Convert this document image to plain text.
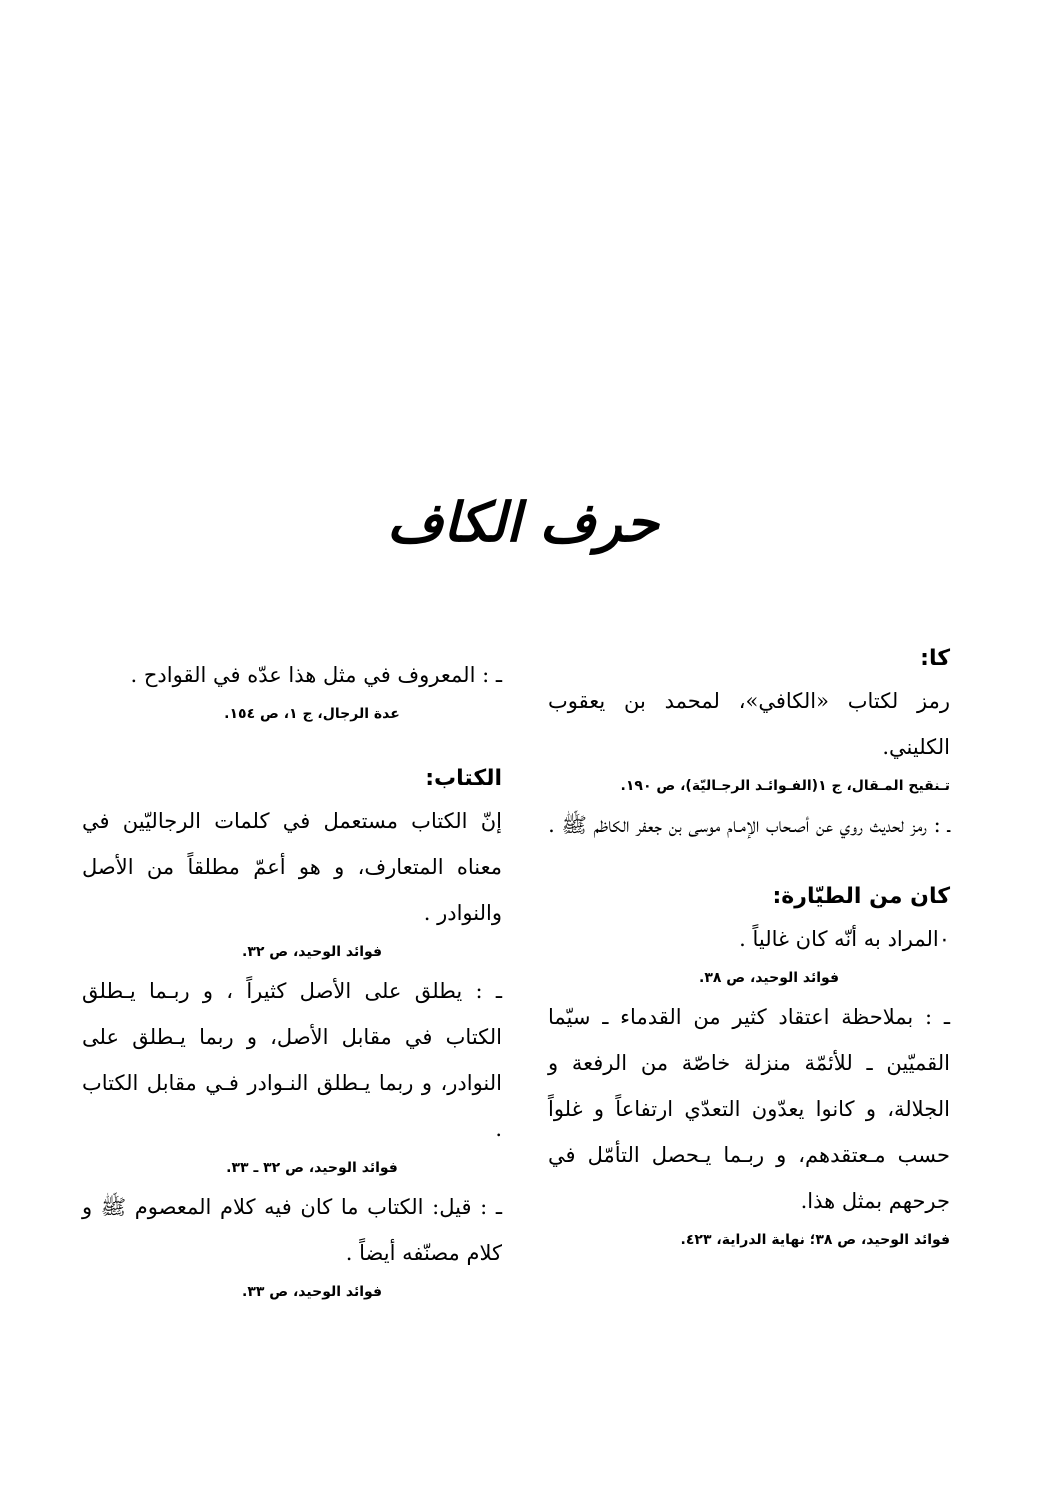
حرف الكاف

كا:

رمز لكتاب «الكافي»، لمحمد بن يعقوب الكليني.

تـنقيح المـقال، ج ١(الفـوائـد الرجـاليّة)، ص ١٩٠.

ـ : رمز لحديث روي عن أصـحاب الإمـام موسى بن جعفر الكاظم ﷺ .

كان من الطيّارة:

٠المراد به أنّه كان غالياً .

فوائد الوحيد، ص ٣٨.

ـ : بملاحظة اعتقاد كثير من القدماء ـ سيّما القميّين ـ للأئمّة منزلة خاصّة من الرفعة و الجلالة، و كانوا يعدّون التعدّي ارتفاعاً و غلواً حسب مـعتقدهم، و ربـما يـحصل التأمّل في جرحهم بمثل هذا.

فوائد الوحيد، ص ٣٨؛ نهاية الدراية، ٤٢٣.

ـ : المعروف في مثل هذا عدّه في القوادح .

عدة الرجال، ج ١، ص ١٥٤.

الكتاب:

إنّ الكتاب مستعمل في كلمات الرجاليّين في معناه المتعارف، و هو أعمّ مطلقاً من الأصل والنوادر .

فوائد الوحيد، ص ٣٢.

ـ : يطلق على الأصل كثيراً ، و ربـما يـطلق الكتاب في مقابل الأصل، و ربما يـطلق على النوادر، و ربما يـطلق النـوادر فـي مقابل الكتاب .

فوائد الوحيد، ص ٣٢ ـ ٣٣.

ـ : قيل: الكتاب ما كان فيه كلام المعصوم ﷺ و كلام مصنّفه أيضاً .

فوائد الوحيد، ص ٣٣.
